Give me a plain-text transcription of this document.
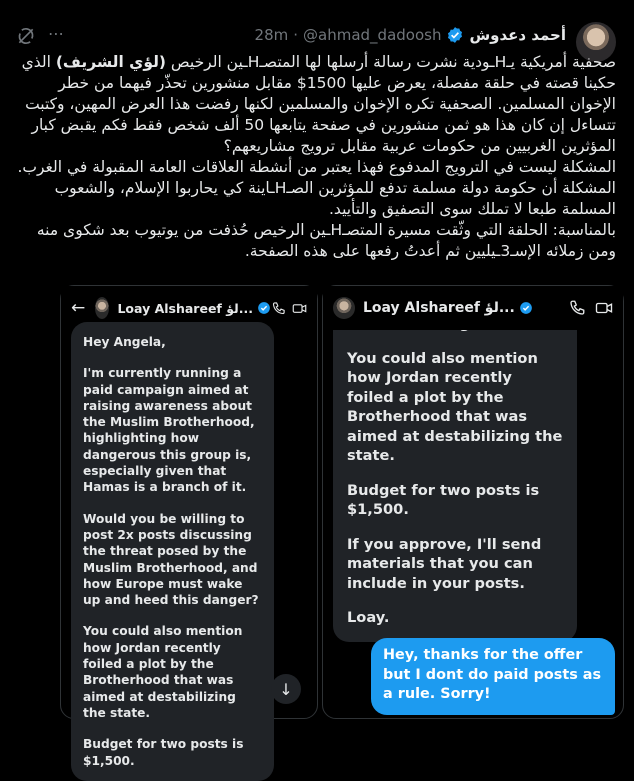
أحمد دعدوش
@ahmad_dadoosh
·
28m
⋯

صحفية أمريكية يـHـودية نشرت رسالة أرسلها لها المتصـHـين الرخيص (لؤي الشريف) الذي حكينا قصته في حلقة مفصلة، يعرض عليها 1500$ مقابل منشورين تحذّر فيهما من خطر الإخوان المسلمين. الصحفية تكره الإخوان والمسلمين لكنها رفضت هذا العرض المهين، وكتبت تتساءل إن كان هذا هو ثمن منشورين في صفحة يتابعها 50 ألف شخص فقط فكم يقبض كبار المؤثرين الغربيين من حكومات عربية مقابل ترويج مشاريعهم؟

المشكلة ليست في الترويج المدفوع فهذا يعتبر من أنشطة العلاقات العامة المقبولة في الغرب. المشكلة أن حكومة دولة مسلمة تدفع للمؤثرين الصـHـاينة كي يحاربوا الإسلام، والشعوب المسلمة طبعا لا تملك سوى التصفيق والتأييد.

بالمناسبة: الحلقة التي وثّقت مسيرة المتصـHـين الرخيص حُذفت من يوتيوب بعد شكوى منه ومن زملائه الإسـ3ـيليين ثم أعدتُ رفعها على هذه الصفحة.

You could also mention how Jordan recently foiled a plot by the Brotherhood that was aimed at destabilizing the state.

Budget for two posts is $1,500.

If you approve, I'll send materials that you can include in your posts.

Loay.

Loay Alshareef لؤ...
Hey, thanks for the offer but I dont do paid posts as a rule. Sorry!
←	Loay Alshareef لؤ...

Hey Angela,

I'm currently running a paid campaign aimed at raising awareness about the Muslim Brotherhood, highlighting how dangerous this group is, especially given that Hamas is a branch of it.

Would you be willing to post 2x posts discussing the threat posed by the Muslim Brotherhood, and how Europe must wake up and heed this danger?

You could also mention how Jordan recently foiled a plot by the Brotherhood that was aimed at destabilizing the state.

Budget for two posts is $1,500.

↓
